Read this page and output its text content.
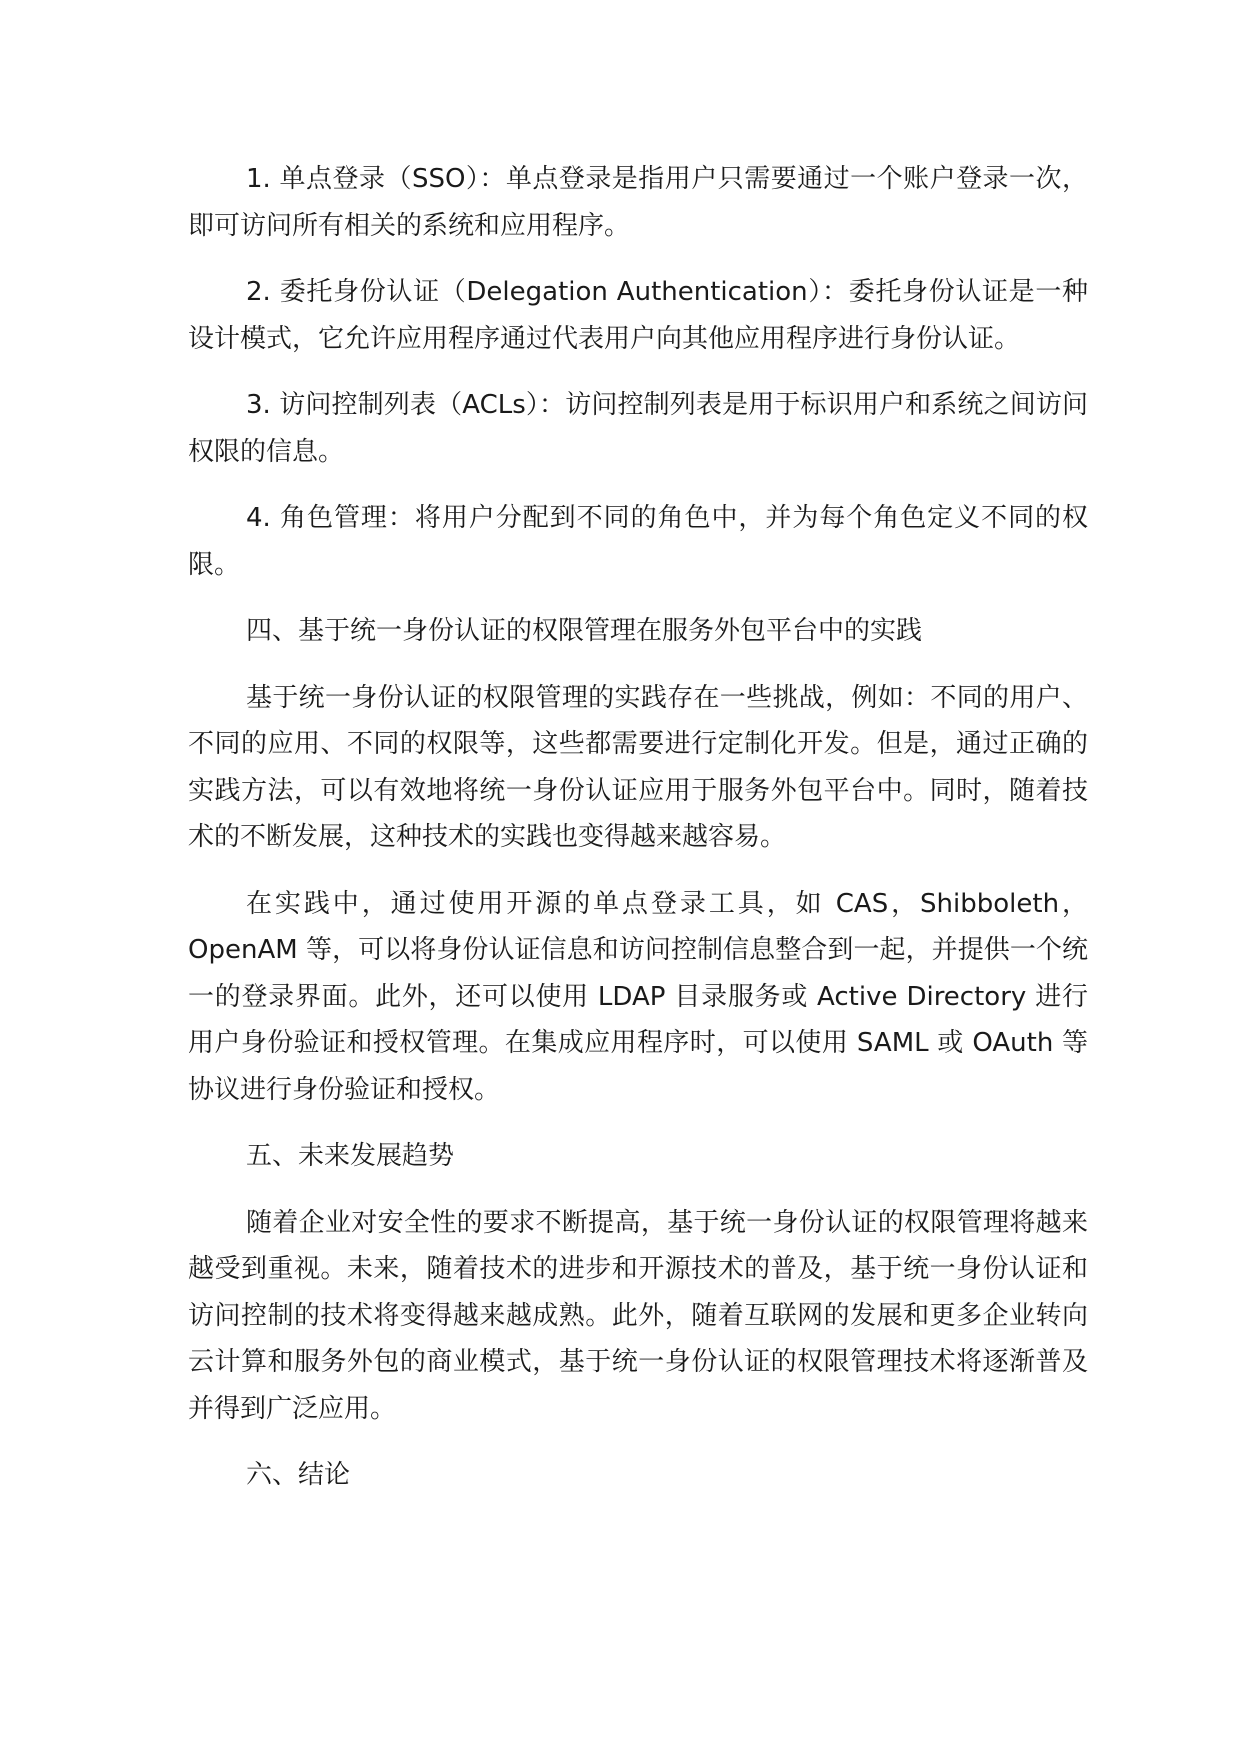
1. 单点登录（SSO）：单点登录是指用户只需要通过一个账户登录一次，即可访问所有相关的系统和应用程序。

2. 委托身份认证（Delegation Authentication）：委托身份认证是一种设计模式，它允许应用程序通过代表用户向其他应用程序进行身份认证。

3. 访问控制列表（ACLs）：访问控制列表是用于标识用户和系统之间访问权限的信息。

4. 角色管理：将用户分配到不同的角色中，并为每个角色定义不同的权限。

四、基于统一身份认证的权限管理在服务外包平台中的实践

基于统一身份认证的权限管理的实践存在一些挑战，例如：不同的用户、不同的应用、不同的权限等，这些都需要进行定制化开发。但是，通过正确的实践方法，可以有效地将统一身份认证应用于服务外包平台中。同时，随着技术的不断发展，这种技术的实践也变得越来越容易。

在实践中，通过使用开源的单点登录工具，如 CAS，Shibboleth，OpenAM 等，可以将身份认证信息和访问控制信息整合到一起，并提供一个统一的登录界面。此外，还可以使用 LDAP 目录服务或 Active Directory 进行用户身份验证和授权管理。在集成应用程序时，可以使用 SAML 或 OAuth 等协议进行身份验证和授权。

五、未来发展趋势

随着企业对安全性的要求不断提高，基于统一身份认证的权限管理将越来越受到重视。未来，随着技术的进步和开源技术的普及，基于统一身份认证和访问控制的技术将变得越来越成熟。此外，随着互联网的发展和更多企业转向云计算和服务外包的商业模式，基于统一身份认证的权限管理技术将逐渐普及并得到广泛应用。

六、结论
